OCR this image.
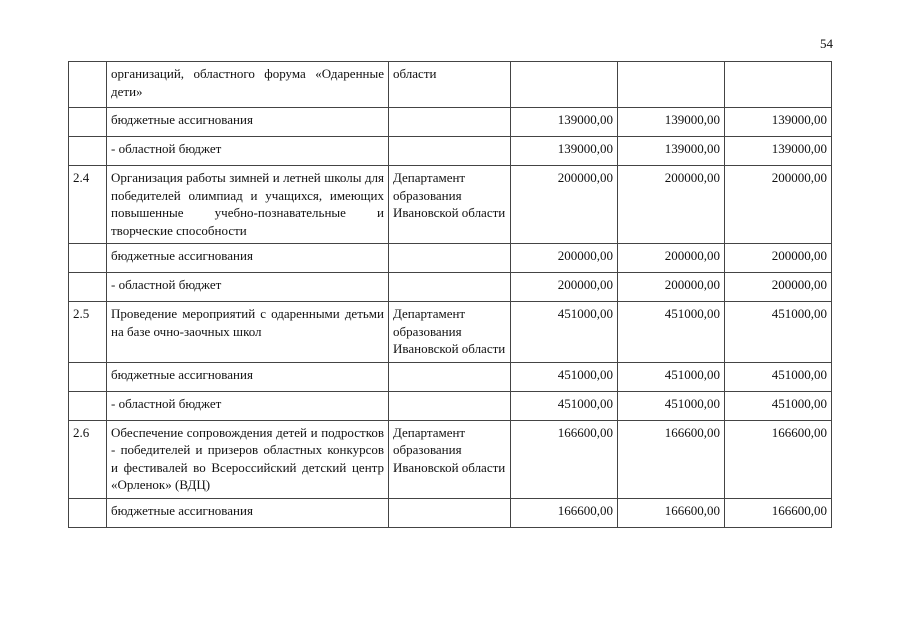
54
	организаций, областного форума «Одаренные дети»	области			
	бюджетные ассигнования		139000,00	139000,00	139000,00
	- областной бюджет		139000,00	139000,00	139000,00
2.4	Организация работы зимней и летней школы для победителей олимпиад и учащихся, имеющих повышенные учебно-познавательные и творческие способности	Департамент образования Ивановской области	200000,00	200000,00	200000,00
	бюджетные ассигнования		200000,00	200000,00	200000,00
	- областной бюджет		200000,00	200000,00	200000,00
2.5	Проведение мероприятий с одаренными детьми на базе очно-заочных школ	Департамент образования Ивановской области	451000,00	451000,00	451000,00
	бюджетные ассигнования		451000,00	451000,00	451000,00
	- областной бюджет		451000,00	451000,00	451000,00
2.6	Обеспечение сопровождения детей и подростков - победителей и призеров областных конкурсов и фестивалей во Всероссийский детский центр «Орленок» (ВДЦ)	Департамент образования Ивановской области	166600,00	166600,00	166600,00
	бюджетные ассигнования		166600,00	166600,00	166600,00
